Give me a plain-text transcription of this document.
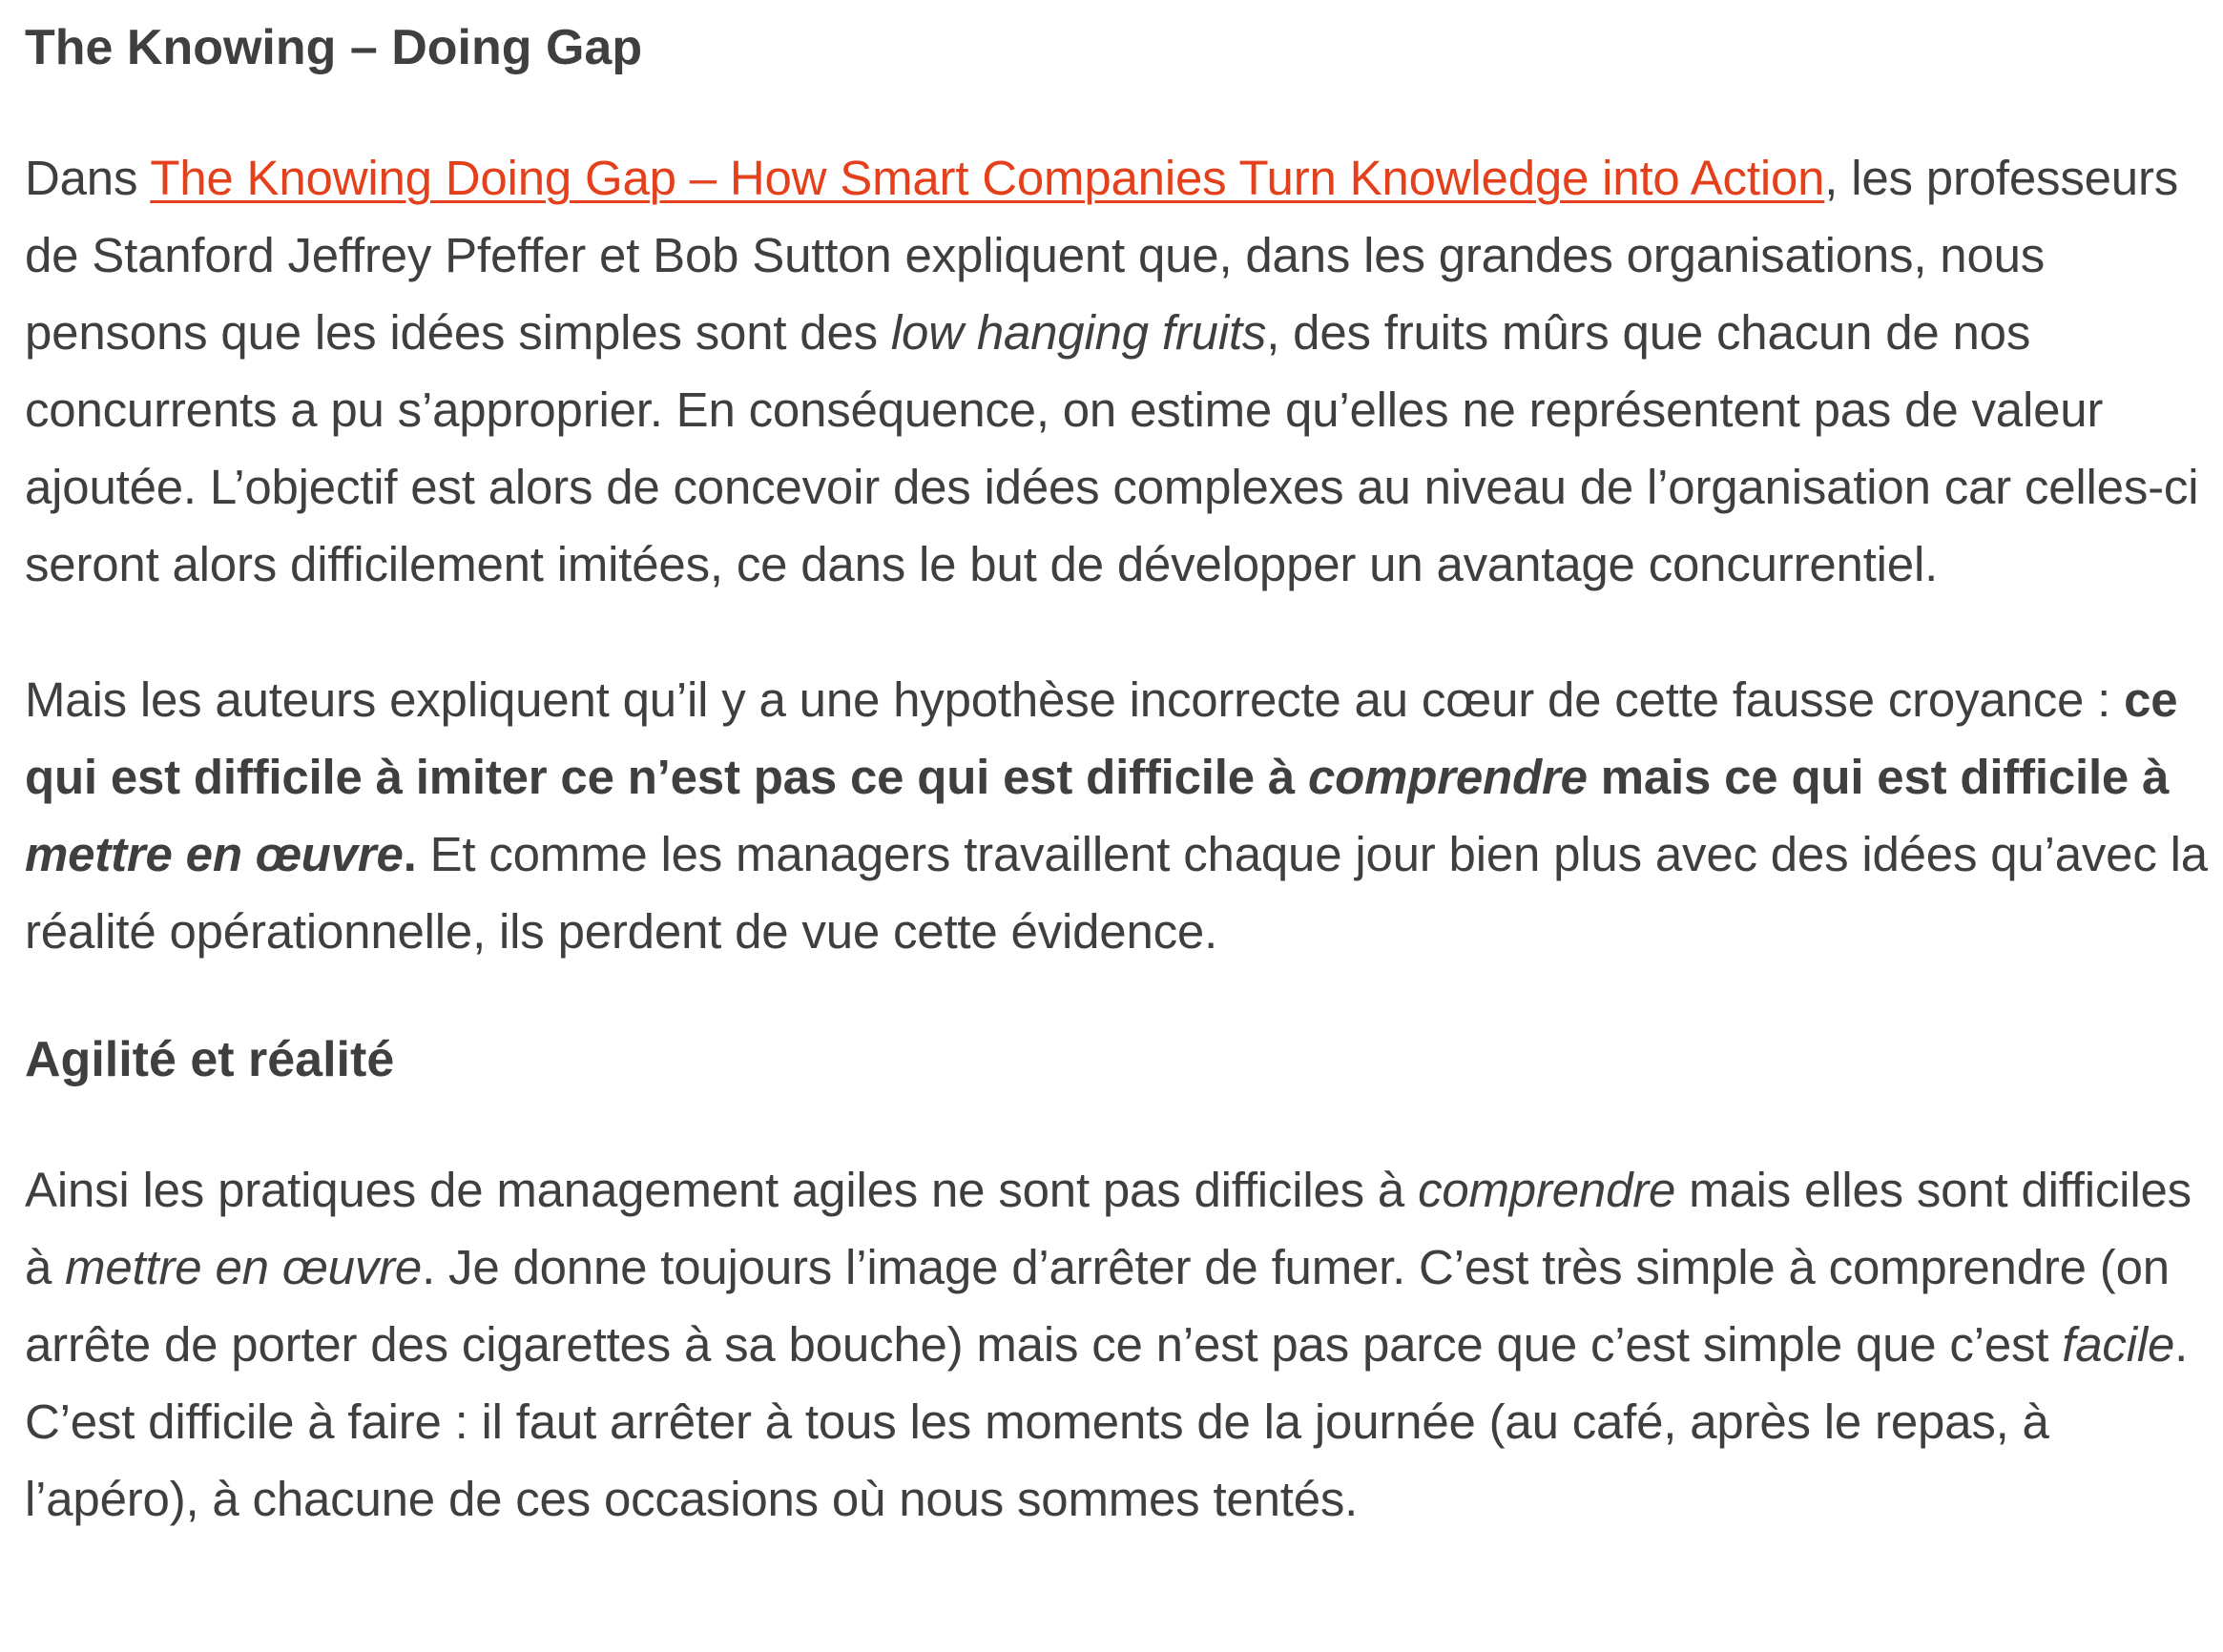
The Knowing – Doing Gap

Dans The Knowing Doing Gap – How Smart Companies Turn Knowledge into Action, les professeurs de Stanford Jeffrey Pfeffer et Bob Sutton expliquent que, dans les grandes organisations, nous pensons que les idées simples sont des low hanging fruits, des fruits mûrs que chacun de nos concurrents a pu s’approprier. En conséquence, on estime qu’elles ne représentent pas de valeur ajoutée. L’objectif est alors de concevoir des idées complexes au niveau de l’organisation car celles-ci seront alors difficilement imitées, ce dans le but de développer un avantage concurrentiel.

Mais les auteurs expliquent qu’il y a une hypothèse incorrecte au cœur de cette fausse croyance : ce qui est difficile à imiter ce n’est pas ce qui est difficile à comprendre mais ce qui est difficile à mettre en œuvre. Et comme les managers travaillent chaque jour bien plus avec des idées qu’avec la réalité opérationnelle, ils perdent de vue cette évidence.

Agilité et réalité

Ainsi les pratiques de management agiles ne sont pas difficiles à comprendre mais elles sont difficiles à mettre en œuvre. Je donne toujours l’image d’arrêter de fumer. C’est très simple à comprendre (on arrête de porter des cigarettes à sa bouche) mais ce n’est pas parce que c’est simple que c’est facile. C’est difficile à faire : il faut arrêter à tous les moments de la journée (au café, après le repas, à l’apéro), à chacune de ces occasions où nous sommes tentés.
